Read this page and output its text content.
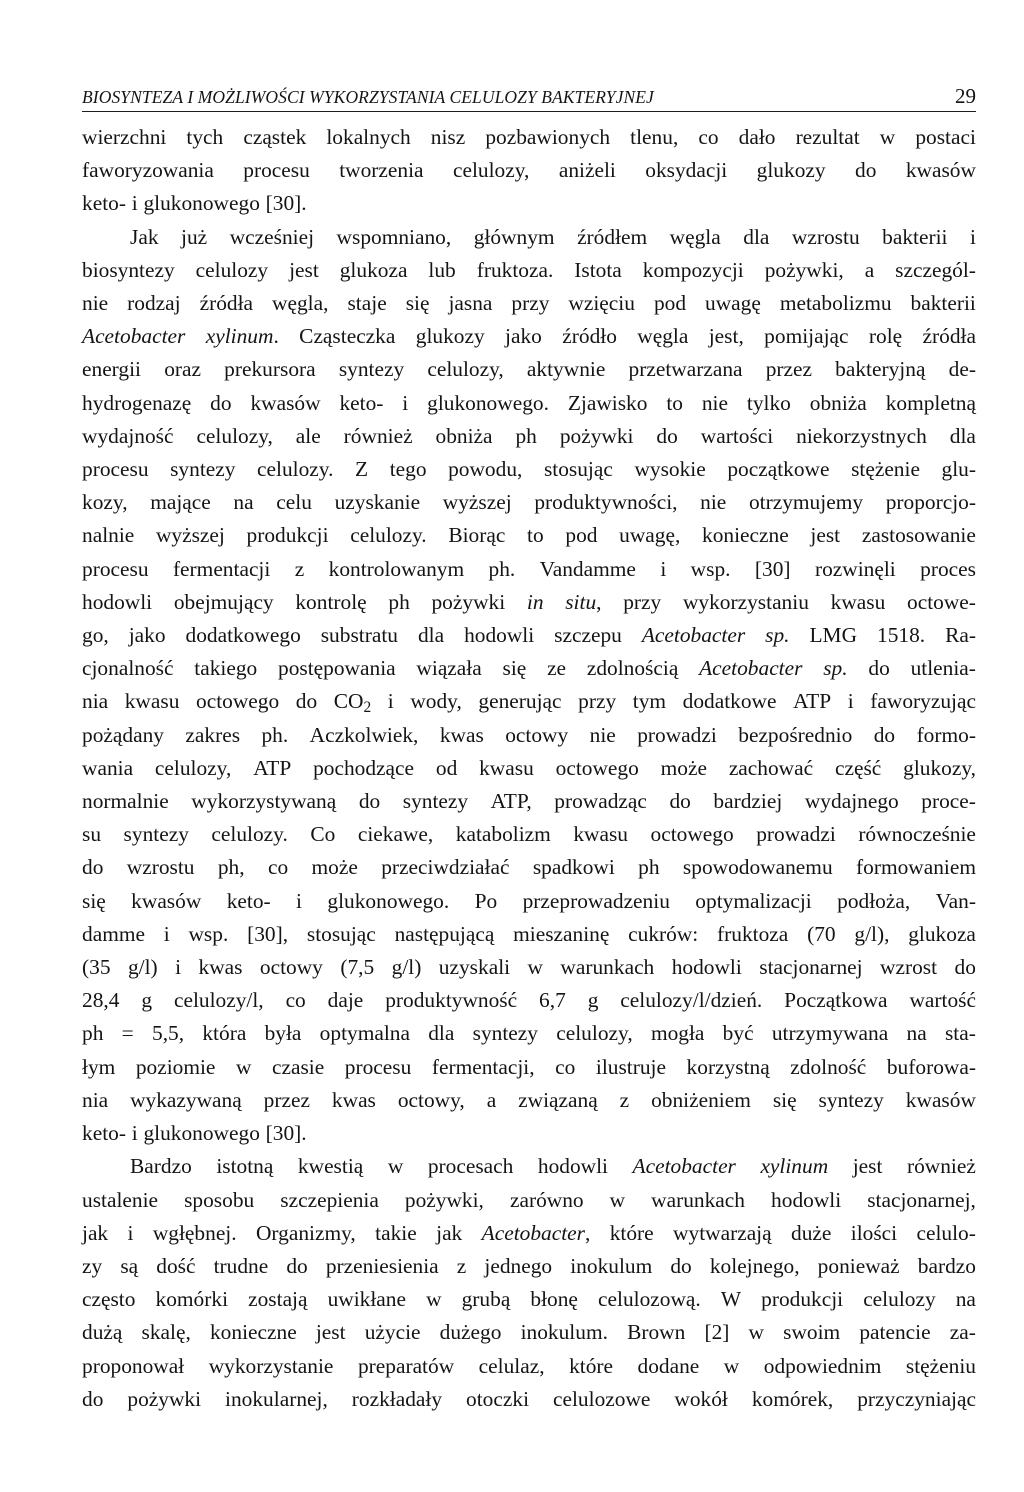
BIOSYNTEZA I MOŻLIWOŚCI WYKORZYSTANIA CELULOZY BAKTERYJNEJ	29
wierzchni tych cząstek lokalnych nisz pozbawionych tlenu, co dało rezultat w postaci
faworyzowania procesu tworzenia celulozy, aniżeli oksydacji glukozy do kwasów
keto- i glukonowego [30].
Jak już wcześniej wspomniano, głównym źródłem węgla dla wzrostu bakterii i
biosyntezy celulozy jest glukoza lub fruktoza. Istota kompozycji pożywki, a szczegól-
nie rodzaj źródła węgla, staje się jasna przy wzięciu pod uwagę metabolizmu bakterii
Acetobacter xylinum. Cząsteczka glukozy jako źródło węgla jest, pomijając rolę źródła
energii oraz prekursora syntezy celulozy, aktywnie przetwarzana przez bakteryjną de-
hydrogenazę do kwasów keto- i glukonowego. Zjawisko to nie tylko obniża kompletną
wydajność celulozy, ale również obniża ph pożywki do wartości niekorzystnych dla
procesu syntezy celulozy. Z tego powodu, stosując wysokie początkowe stężenie glu-
kozy, mające na celu uzyskanie wyższej produktywności, nie otrzymujemy proporcjo-
nalnie wyższej produkcji celulozy. Biorąc to pod uwagę, konieczne jest zastosowanie
procesu fermentacji z kontrolowanym ph. Vandamme i wsp. [30] rozwinęli proces
hodowli obejmujący kontrolę ph pożywki in situ, przy wykorzystaniu kwasu octowe-
go, jako dodatkowego substratu dla hodowli szczepu Acetobacter sp. LMG 1518. Ra-
cjonalność takiego postępowania wiązała się ze zdolnością Acetobacter sp. do utlenia-
nia kwasu octowego do $CO_2$ i wody, generując przy tym dodatkowe ATP i faworyzując
pożądany zakres ph. Aczkolwiek, kwas octowy nie prowadzi bezpośrednio do formo-
wania celulozy, ATP pochodzące od kwasu octowego może zachować część glukozy,
normalnie wykorzystywaną do syntezy ATP, prowadząc do bardziej wydajnego proce-
su syntezy celulozy. Co ciekawe, katabolizm kwasu octowego prowadzi równocześnie
do wzrostu ph, co może przeciwdziałać spadkowi ph spowodowanemu formowaniem
się kwasów keto- i glukonowego. Po przeprowadzeniu optymalizacji podłoża, Van-
damme i wsp. [30], stosując następującą mieszaninę cukrów: fruktoza (70 g/l), glukoza
(35 g/l) i kwas octowy (7,5 g/l) uzyskali w warunkach hodowli stacjonarnej wzrost do
28,4 g celulozy/l, co daje produktywność 6,7 g celulozy/l/dzień. Początkowa wartość
ph = 5,5, która była optymalna dla syntezy celulozy, mogła być utrzymywana na sta-
łym poziomie w czasie procesu fermentacji, co ilustruje korzystną zdolność buforowa-
nia wykazywaną przez kwas octowy, a związaną z obniżeniem się syntezy kwasów
keto- i glukonowego [30].
Bardzo istotną kwestią w procesach hodowli Acetobacter xylinum jest również
ustalenie sposobu szczepienia pożywki, zarówno w warunkach hodowli stacjonarnej,
jak i wgłębnej. Organizmy, takie jak Acetobacter, które wytwarzają duże ilości celulo-
zy są dość trudne do przeniesienia z jednego inokulum do kolejnego, ponieważ bardzo
często komórki zostają uwikłane w grubą błonę celulozową. W produkcji celulozy na
dużą skalę, konieczne jest użycie dużego inokulum. Brown [2] w swoim patencie za-
proponował wykorzystanie preparatów celulaz, które dodane w odpowiednim stężeniu
do pożywki inokularnej, rozkładały otoczki celulozowe wokół komórek, przyczyniając
